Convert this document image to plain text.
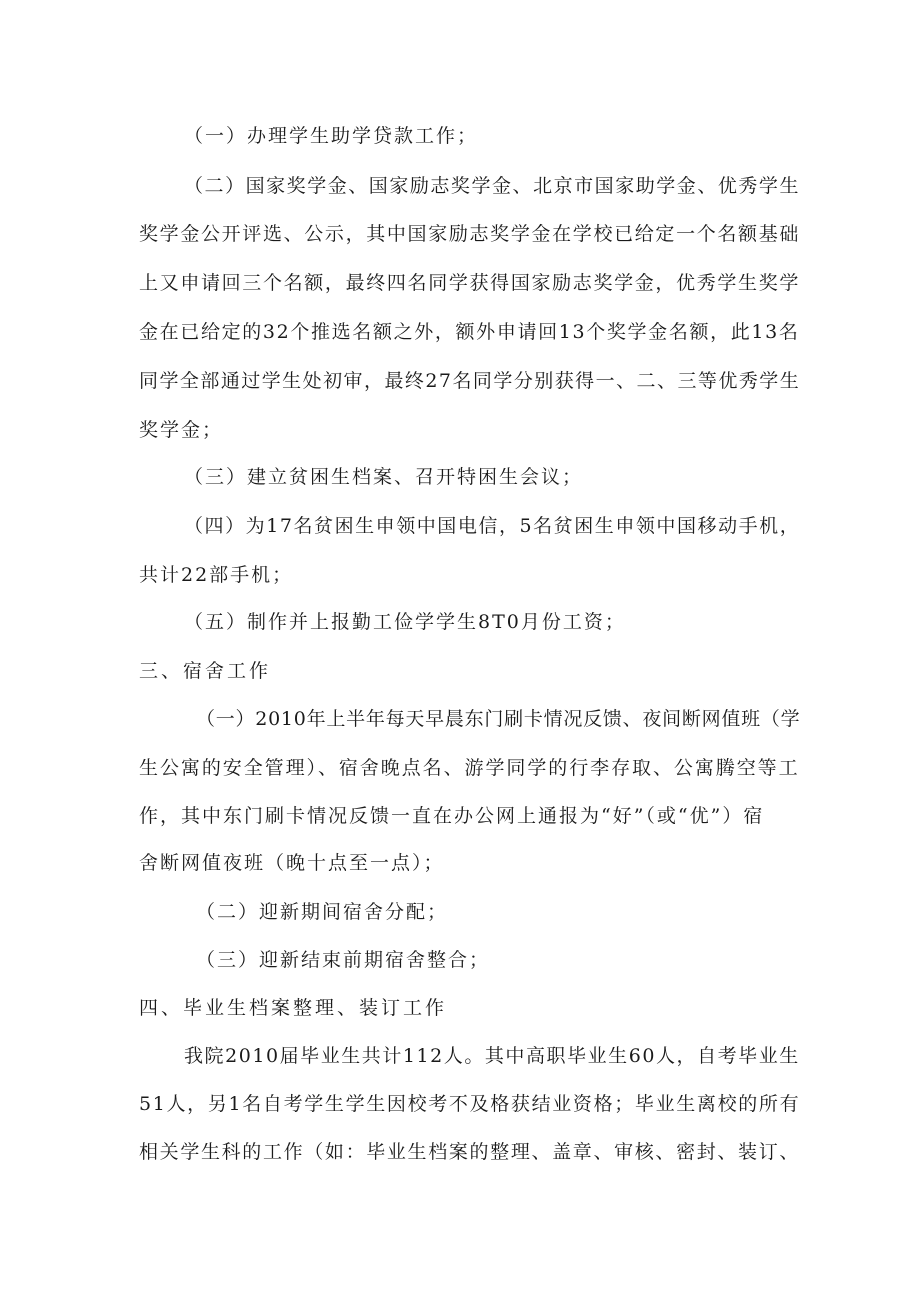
（一）办理学生助学贷款工作；
（二）国家奖学金、国家励志奖学金、北京市国家助学金、优秀学生
奖学金公开评选、公示，其中国家励志奖学金在学校已给定一个名额基础
上又申请回三个名额，最终四名同学获得国家励志奖学金，优秀学生奖学
金在已给定的32个推选名额之外，额外申请回13个奖学金名额，此13名
同学全部通过学生处初审，最终27名同学分别获得一、二、三等优秀学生
奖学金；
（三）建立贫困生档案、召开特困生会议；
（四）为17名贫困生申领中国电信，5名贫困生申领中国移动手机，
共计22部手机；
（五）制作并上报勤工俭学学生8T0月份工资；
三、宿舍工作
（一）2010年上半年每天早晨东门刷卡情况反馈、夜间断网值班（学
生公寓的安全管理）、宿舍晚点名、游学同学的行李存取、公寓腾空等工
作，其中东门刷卡情况反馈一直在办公网上通报为“好”（或“优”）宿
舍断网值夜班（晚十点至一点）；
（二）迎新期间宿舍分配；
（三）迎新结束前期宿舍整合；
四、毕业生档案整理、装订工作
我院2010届毕业生共计112人。其中高职毕业生60人，自考毕业生
51人，另1名自考学生学生因校考不及格获结业资格；毕业生离校的所有
相关学生科的工作（如：毕业生档案的整理、盖章、审核、密封、装订、
